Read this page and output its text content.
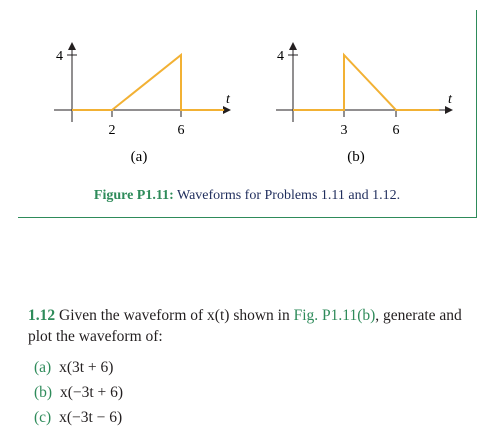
4
2	6
t
(a)
4
3	6
t
(b)
Figure P1.11: Waveforms for Problems 1.11 and 1.12.
1.12 Given the waveform of x(t) shown in Fig. P1.11(b), generate and plot the waveform of:
(a) x(3t + 6)
(b) x(−3t + 6)
(c) x(−3t − 6)
